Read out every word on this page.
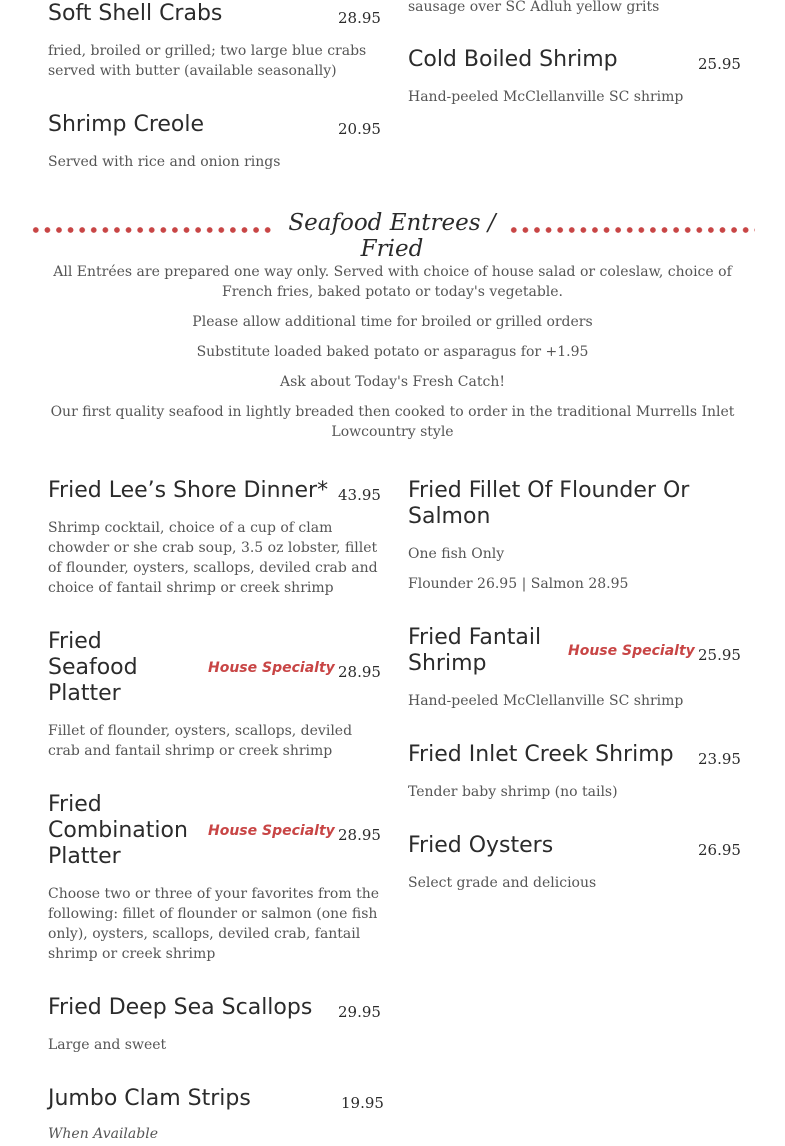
Soft Shell Crabs	28.95

fried, broiled or grilled; two large blue crabs served with butter (available seasonally)

Shrimp Creole	20.95

Served with rice and onion rings

sausage over SC Adluh yellow grits

Cold Boiled Shrimp	25.95

Hand-peeled McClellanville SC shrimp

Seafood Entrees / Fried

All Entrées are prepared one way only. Served with choice of house salad or coleslaw, choice of French fries, baked potato or today's vegetable.

Please allow additional time for broiled or grilled orders

Substitute loaded baked potato or asparagus for +1.95

Ask about Today's Fresh Catch!

Our first quality seafood in lightly breaded then cooked to order in the traditional Murrells Inlet Lowcountry style

Fried Lee’s Shore Dinner* 43.95

Shrimp cocktail, choice of a cup of clam chowder or she crab soup, 3.5 oz lobster, fillet of flounder, oysters, scallops, deviled crab and choice of fantail shrimp or creek shrimp

Fried Seafood Platter
House Specialty 28.95

Fillet of flounder, oysters, scallops, deviled crab and fantail shrimp or creek shrimp

Fried Combination Platter
House Specialty 28.95

Choose two or three of your favorites from the following: fillet of flounder or salmon (one fish only), oysters, scallops, deviled crab, fantail shrimp or creek shrimp

Fried Deep Sea Scallops	29.95

Large and sweet

Jumbo Clam Strips	19.95
When Available
Fried Fillet Of Flounder Or Salmon

One fish Only

Flounder 26.95 | Salmon 28.95

Fried Fantail Shrimp	House Specialty 25.95

Hand-peeled McClellanville SC shrimp

Fried Inlet Creek Shrimp	23.95

Tender baby shrimp (no tails)

Fried Oysters	26.95

Select grade and delicious
